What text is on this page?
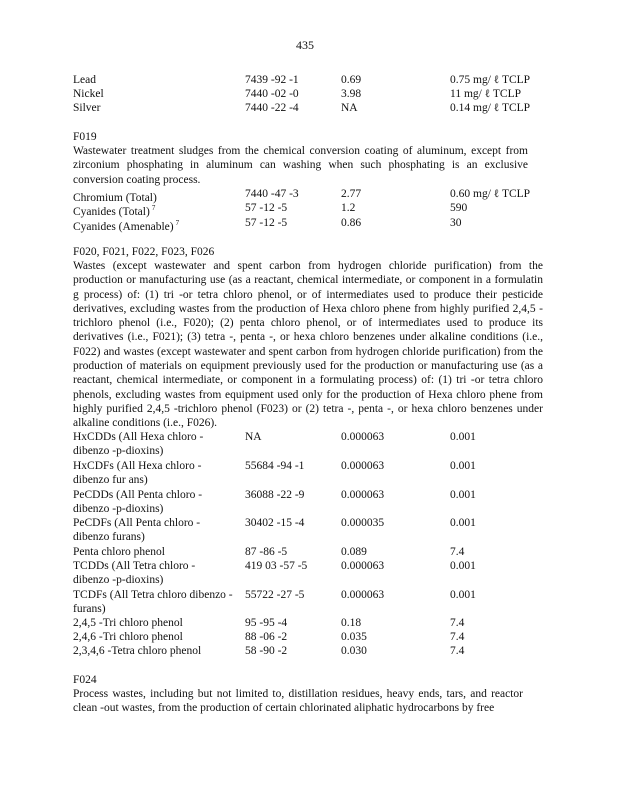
435
Lead	7439 -92 -1	0.69	0.75 mg/ ℓ TCLP
Nickel	7440 -02 -0	3.98	11 mg/ ℓ TCLP
Silver	7440 -22 -4	NA	0.14 mg/ ℓ TCLP
F019
Wastewater treatment sludges from the chemical conversion coating of aluminum, except from zirconium phosphating in aluminum can washing when such phosphating is an exclusive conversion coating process.
Chromium (Total)	7440 -47 -3	2.77	0.60 mg/ ℓ TCLP
Cyanides (Total) $^7$	57 -12 -5	1.2	590
Cyanides (Amenable) $^7$	57 -12 -5	0.86	30
F020, F021, F022, F023, F026
Wastes (except wastewater and spent carbon from hydrogen chloride purification) from the production or manufacturing use (as a reactant, chemical intermediate, or component in a formulatin g process) of: (1) tri -or tetra chloro phenol, or of intermediates used to produce their pesticide derivatives, excluding wastes from the production of Hexa chloro phene from highly purified 2,4,5 -trichloro phenol (i.e., F020); (2) penta chloro phenol, or of intermediates used to produce its derivatives (i.e., F021); (3) tetra -, penta -, or hexa chloro benzenes under alkaline conditions (i.e., F022) and wastes (except wastewater and spent carbon from hydrogen chloride purification) from the production of materials on equipment previously used for the production or manufacturing use (as a reactant, chemical intermediate, or component in a formulating process) of: (1) tri -or tetra chloro phenols, excluding wastes from equipment used only for the production of Hexa chloro phene from highly purified 2,4,5 -trichloro phenol (F023) or (2) tetra -, penta -, or hexa chloro benzenes under alkaline conditions (i.e., F026).
HxCDDs (All Hexa chloro -	NA	0.000063	0.001
dibenzo -p-dioxins)
HxCDFs (All Hexa chloro -	55684 -94 -1	0.000063	0.001
dibenzo fur ans)
PeCDDs (All Penta chloro -	36088 -22 -9	0.000063	0.001
dibenzo -p-dioxins)
PeCDFs (All Penta chloro -	30402 -15 -4	0.000035	0.001
dibenzo furans)
Penta chloro phenol	87 -86 -5	0.089	7.4
TCDDs (All Tetra chloro -	419 03 -57 -5	0.000063	0.001
dibenzo -p-dioxins)
TCDFs (All Tetra chloro dibenzo - 55722 -27 -5	0.000063	0.001
furans)
2,4,5 -Tri chloro phenol	95 -95 -4	0.18	7.4
2,4,6 -Tri chloro phenol	88 -06 -2	0.035	7.4
2,3,4,6 -Tetra chloro phenol	58 -90 -2	0.030	7.4
F024
Process wastes, including but not limited to, distillation residues, heavy ends, tars, and reactor clean -out wastes, from the production of certain chlorinated aliphatic hydrocarbons by free
